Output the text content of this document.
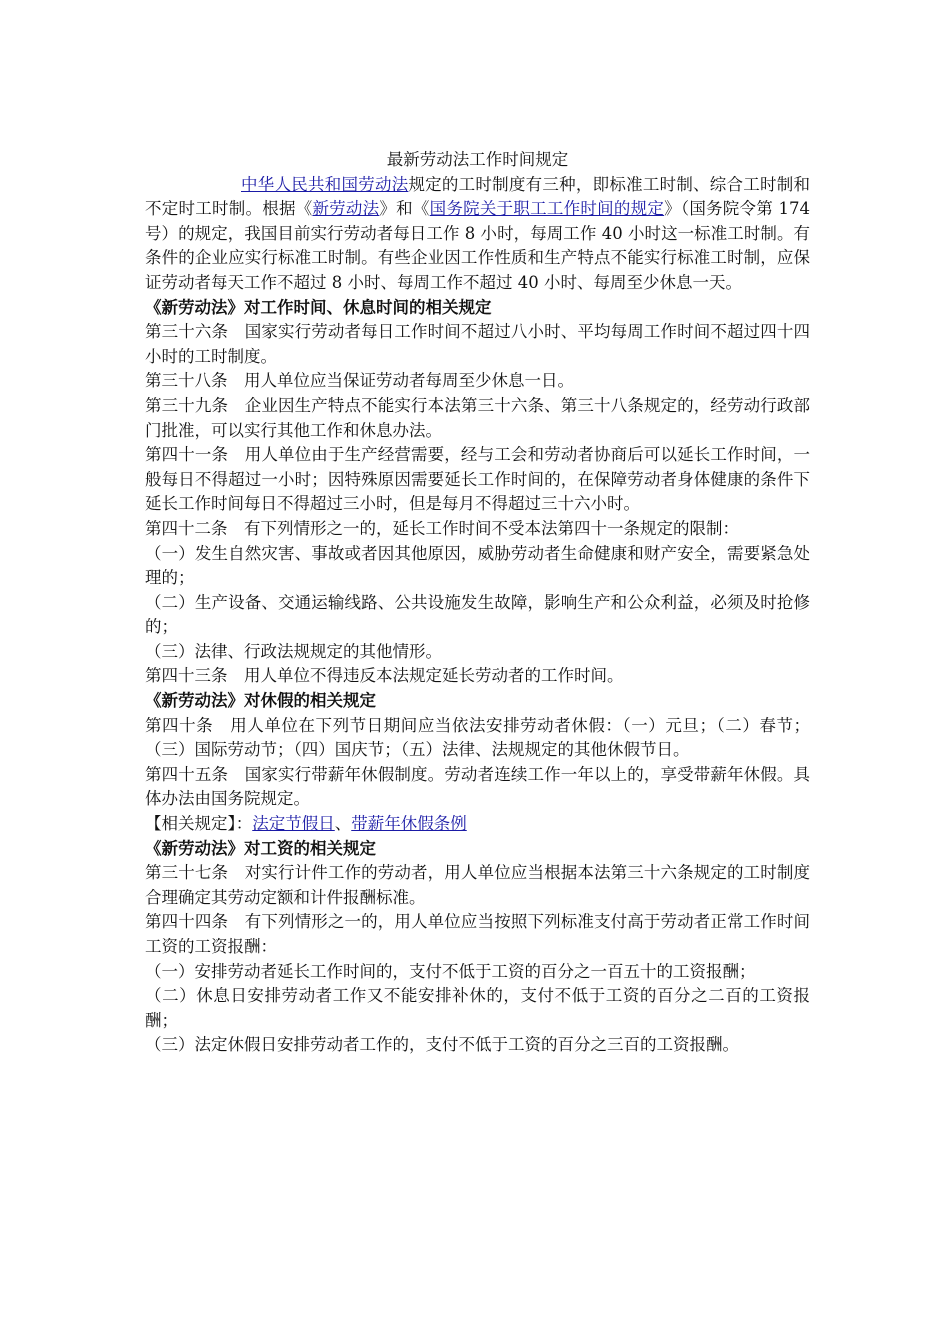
最新劳动法工作时间规定

中华人民共和国劳动法规定的工时制度有三种，即标准工时制、综合工时制和不定时工时制。根据《新劳动法》和《国务院关于职工工作时间的规定》（国务院令第 174 号）的规定，我国目前实行劳动者每日工作 8 小时，每周工作 40 小时这一标准工时制。有条件的企业应实行标准工时制。有些企业因工作性质和生产特点不能实行标准工时制，应保证劳动者每天工作不超过 8 小时、每周工作不超过 40 小时、每周至少休息一天。

《新劳动法》对工作时间、休息时间的相关规定

第三十六条　国家实行劳动者每日工作时间不超过八小时、平均每周工作时间不超过四十四小时的工时制度。

第三十八条　用人单位应当保证劳动者每周至少休息一日。

第三十九条　企业因生产特点不能实行本法第三十六条、第三十八条规定的，经劳动行政部门批准，可以实行其他工作和休息办法。

第四十一条　用人单位由于生产经营需要，经与工会和劳动者协商后可以延长工作时间，一般每日不得超过一小时；因特殊原因需要延长工作时间的，在保障劳动者身体健康的条件下延长工作时间每日不得超过三小时，但是每月不得超过三十六小时。

第四十二条　有下列情形之一的，延长工作时间不受本法第四十一条规定的限制：

（一）发生自然灾害、事故或者因其他原因，威胁劳动者生命健康和财产安全，需要紧急处理的；

（二）生产设备、交通运输线路、公共设施发生故障，影响生产和公众利益，必须及时抢修的；

（三）法律、行政法规规定的其他情形。

第四十三条　用人单位不得违反本法规定延长劳动者的工作时间。

《新劳动法》对休假的相关规定

第四十条　用人单位在下列节日期间应当依法安排劳动者休假：（一）元旦；（二）春节；（三）国际劳动节；（四）国庆节；（五）法律、法规规定的其他休假节日。

第四十五条　国家实行带薪年休假制度。劳动者连续工作一年以上的，享受带薪年休假。具体办法由国务院规定。

【相关规定】：法定节假日、带薪年休假条例

《新劳动法》对工资的相关规定

第三十七条　对实行计件工作的劳动者，用人单位应当根据本法第三十六条规定的工时制度合理确定其劳动定额和计件报酬标准。

第四十四条　有下列情形之一的，用人单位应当按照下列标准支付高于劳动者正常工作时间工资的工资报酬：

（一）安排劳动者延长工作时间的，支付不低于工资的百分之一百五十的工资报酬；

（二）休息日安排劳动者工作又不能安排补休的，支付不低于工资的百分之二百的工资报酬；

（三）法定休假日安排劳动者工作的，支付不低于工资的百分之三百的工资报酬。
